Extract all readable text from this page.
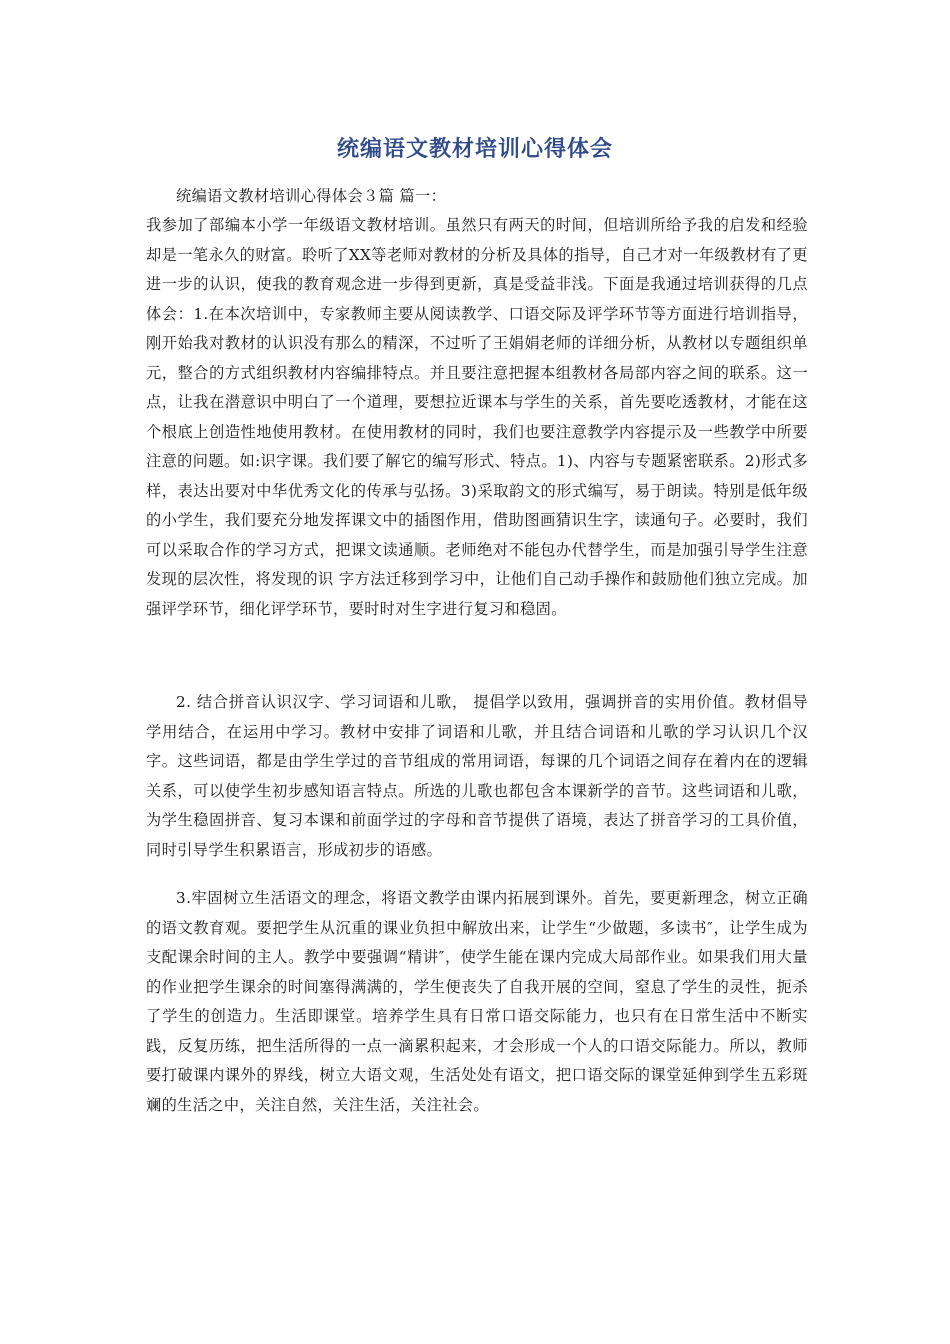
统编语文教材培训心得体会
统编语文教材培训心得体会３篇 篇一：
我参加了部编本小学一年级语文教材培训。虽然只有两天的时间，但培训所给予我的启发和经验却是一笔永久的财富。聆听了XX等老师对教材的分析及具体的指导，自己才对一年级教材有了更进一步的认识，使我的教育观念进一步得到更新，真是受益非浅。下面是我通过培训获得的几点体会：1.在本次培训中，专家教师主要从阅读教学、口语交际及评学环节等方面进行培训指导，刚开始我对教材的认识没有那么的精深，不过听了王娟娟老师的详细分析，从教材以专题组织单元，整合的方式组织教材内容编排特点。并且要注意把握本组教材各局部内容之间的联系。这一点，让我在潜意识中明白了一个道理，要想拉近课本与学生的关系，首先要吃透教材，才能在这个根底上创造性地使用教材。在使用教材的同时，我们也要注意教学内容提示及一些教学中所要注意的问题。如:识字课。我们要了解它的编写形式、特点。1)、内容与专题紧密联系。2)形式多样，表达出要对中华优秀文化的传承与弘扬。3)采取韵文的形式编写，易于朗读。特别是低年级的小学生，我们要充分地发挥课文中的插图作用，借助图画猜识生字，读通句子。必要时，我们可以采取合作的学习方式，把课文读通顺。老师绝对不能包办代替学生，而是加强引导学生注意发现的层次性，将发现的识 字方法迁移到学习中，让他们自己动手操作和鼓励他们独立完成。加强评学环节，细化评学环节，要时时对生字进行复习和稳固。
2. 结合拼音认识汉字、学习词语和儿歌， 提倡学以致用，强调拼音的实用价值。教材倡导学用结合，在运用中学习。教材中安排了词语和儿歌，并且结合词语和儿歌的学习认识几个汉字。这些词语，都是由学生学过的音节组成的常用词语，每课的几个词语之间存在着内在的逻辑关系，可以使学生初步感知语言特点。所选的儿歌也都包含本课新学的音节。这些词语和儿歌，为学生稳固拼音、复习本课和前面学过的字母和音节提供了语境，表达了拼音学习的工具价值，同时引导学生积累语言，形成初步的语感。
3.牢固树立生活语文的理念，将语文教学由课内拓展到课外。首先，要更新理念，树立正确的语文教育观。要把学生从沉重的课业负担中解放出来，让学生“少做题，多读书″，让学生成为支配课余时间的主人。教学中要强调“精讲″，使学生能在课内完成大局部作业。如果我们用大量的作业把学生课余的时间塞得满满的，学生便丧失了自我开展的空间，窒息了学生的灵性，扼杀了学生的创造力。生活即课堂。培养学生具有日常口语交际能力，也只有在日常生活中不断实践，反复历练，把生活所得的一点一滴累积起来，才会形成一个人的口语交际能力。所以，教师要打破课内课外的界线，树立大语文观，生活处处有语文，把口语交际的课堂延伸到学生五彩斑斓的生活之中，关注自然，关注生活，关注社会。
